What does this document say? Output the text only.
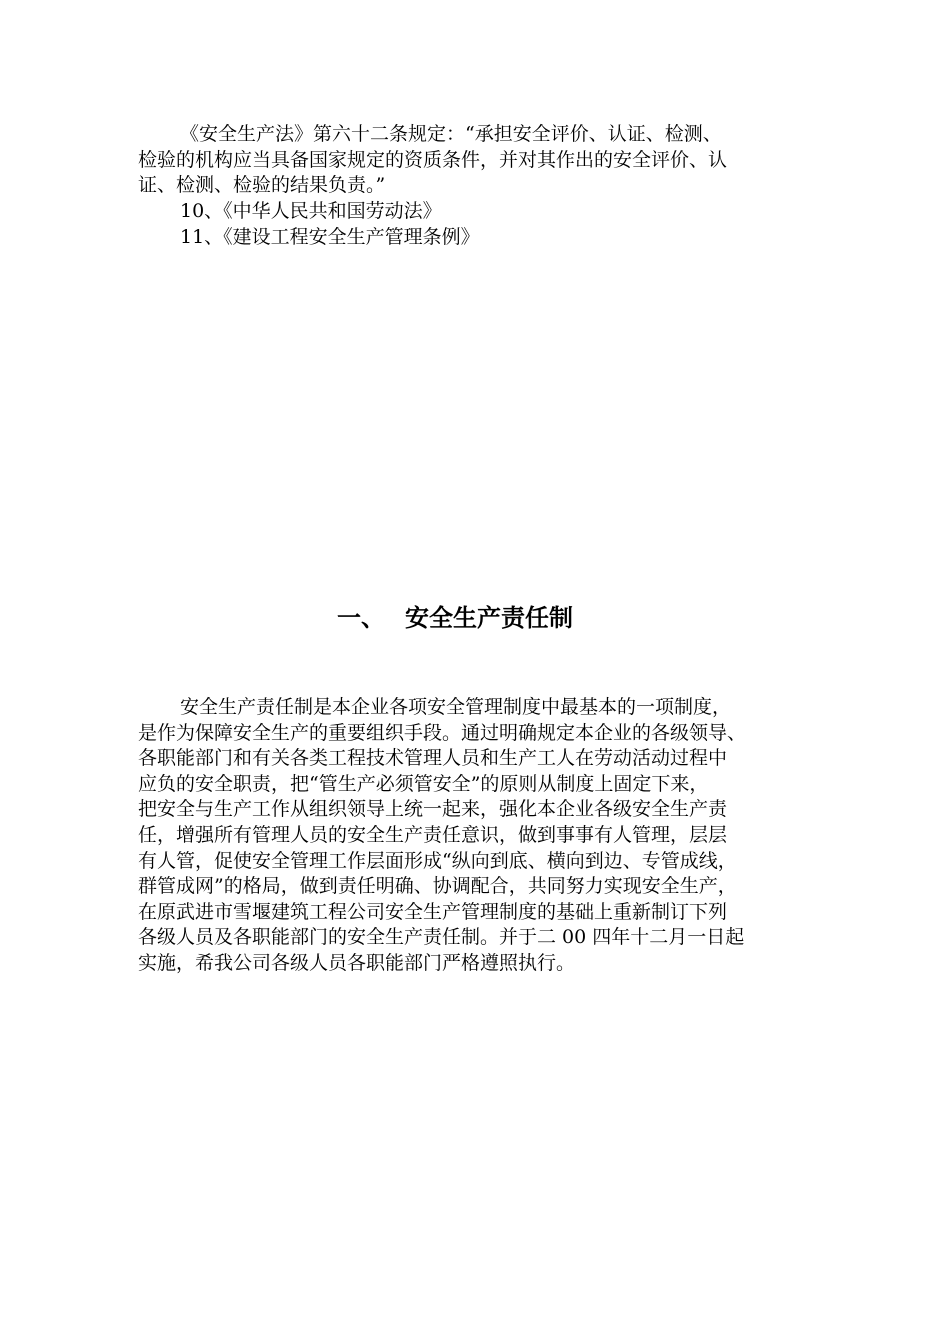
《安全生产法》第六十二条规定：“承担安全评价、认证、检测、
检验的机构应当具备国家规定的资质条件，并对其作出的安全评价、认
证、检测、检验的结果负责。”
10、《中华人民共和国劳动法》
11、《建设工程安全生产管理条例》
一、 安全生产责任制
安全生产责任制是本企业各项安全管理制度中最基本的一项制度，
是作为保障安全生产的重要组织手段。通过明确规定本企业的各级领导、
各职能部门和有关各类工程技术管理人员和生产工人在劳动活动过程中
应负的安全职责，把“管生产必须管安全”的原则从制度上固定下来，
把安全与生产工作从组织领导上统一起来，强化本企业各级安全生产责
任，增强所有管理人员的安全生产责任意识，做到事事有人管理，层层
有人管，促使安全管理工作层面形成“纵向到底、横向到边、专管成线，
群管成网”的格局，做到责任明确、协调配合，共同努力实现安全生产，
在原武进市雪堰建筑工程公司安全生产管理制度的基础上重新制订下列
各级人员及各职能部门的安全生产责任制。并于二 00 四年十二月一日起
实施，希我公司各级人员各职能部门严格遵照执行。
